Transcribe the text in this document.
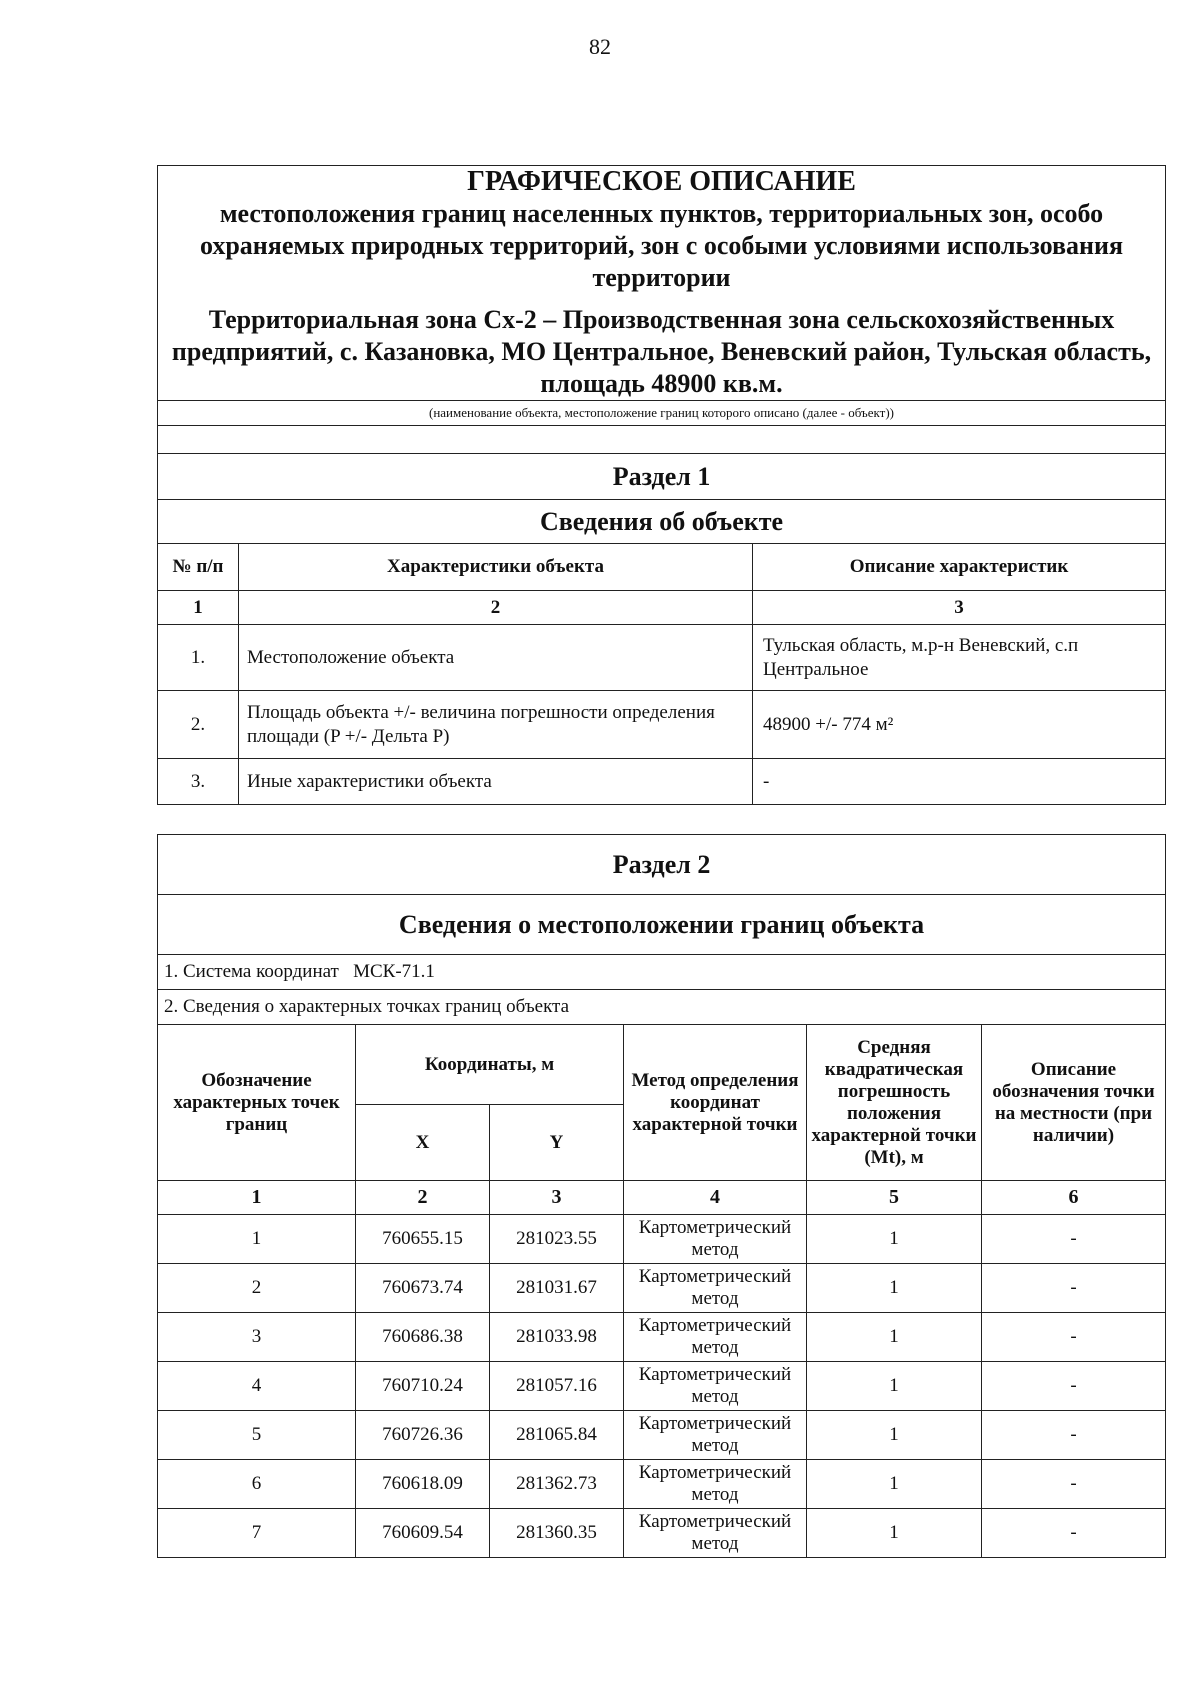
82
ГРАФИЧЕСКОЕ ОПИСАНИЕ
местоположения границ населенных пунктов, территориальных зон, особо охраняемых природных территорий, зон с особыми условиями использования территории
Территориальная зона Сх-2 – Производственная зона сельскохозяйственных предприятий, с. Казановка, МО Центральное, Веневский район, Тульская область, площадь 48900 кв.м.		

(наименование объекта, местоположение границ которого описано (далее - объект))		

Раздел 1		
Сведения об объекте		
№ п/п	Характеристики объекта	Описание характеристик
1	2	3
1.	Местоположение объекта	Тульская область, м.р-н Веневский, с.п Центральное
2.	Площадь объекта +/- величина погрешности определения площади (P +/- Дельта P)	48900 +/- 774 м²
3.	Иные характеристики объекта	-
Раздел 2					
Сведения о местоположении границ объекта					
1. Система координат   МСК-71.1					
2. Сведения о характерных точках границ объекта					
Обозначение характерных точек границ	Координаты, м		Метод определения координат характерной точки	Средняя квадратическая погрешность положения характерной точки (Mt), м	Описание обозначения точки на местности (при наличии)
	X	Y			
1	2	3	4	5	6
1	760655.15	281023.55	Картометрический метод	1	-
2	760673.74	281031.67	Картометрический метод	1	-
3	760686.38	281033.98	Картометрический метод	1	-
4	760710.24	281057.16	Картометрический метод	1	-
5	760726.36	281065.84	Картометрический метод	1	-
6	760618.09	281362.73	Картометрический метод	1	-
7	760609.54	281360.35	Картометрический метод	1	-
